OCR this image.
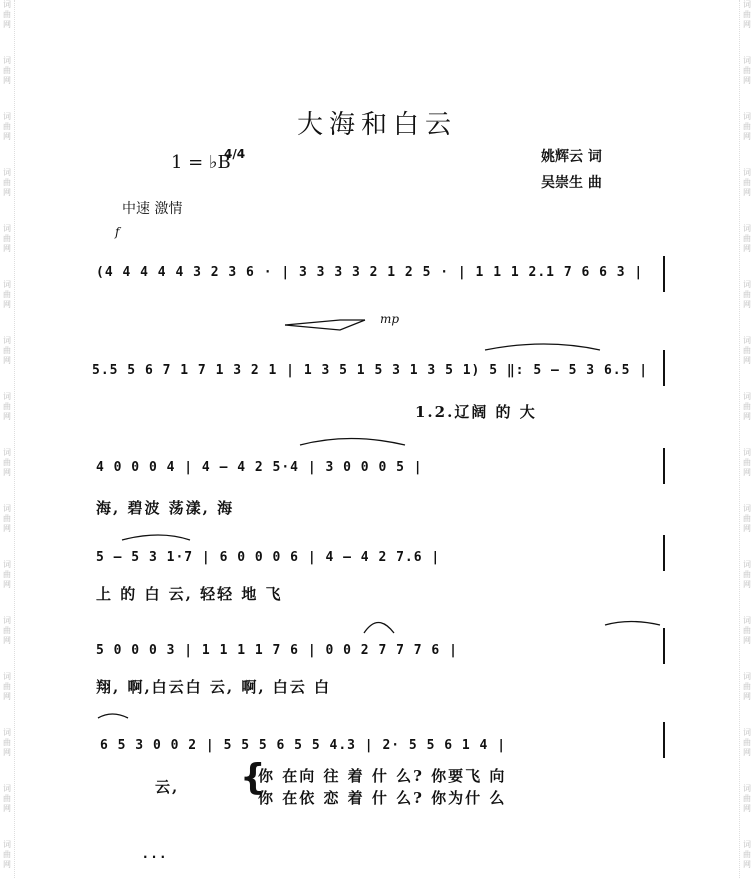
词
曲
网
词
曲
网
词
曲
网
词
曲
网
词
曲
网
词
曲
网
词
曲
网
词
曲
网
词
曲
网
词
曲
网
词
曲
网
词
曲
网
词
曲
网
词
曲
网
词
曲
网
词
曲
网
词
曲
网
词
曲
网
词
曲
网
词
曲
网
词
曲
网
词
曲
网
词
曲
网
词
曲
网
词
曲
网
词
曲
网
词
曲
网
词
曲
网
词
曲
网
词
曲
网
词
曲
网
词
曲
网
大海和白云
姚辉云 词
吴崇生 曲
1 = ♭B
4/4
中速 激情
f
mp
(4 4 4 4 4 3 2 3 6 · | 3 3 3 3 2 1 2 5 · | 1 1 1 2.1 7 6 6 3 |
5.5 5 6 7 1 7 1 3 2 1 | 1 3 5 1 5 3 1 3 5 1) 5 ‖: 5 — 5 3 6.5 |
1.2.辽阔 的 大
4 0 0 0 4 | 4 — 4 2 5·4 | 3 0 0 0 5 |
海, 碧波 荡漾, 海
5 — 5 3 1·7 | 6 0 0 0 6 | 4 — 4 2 7.6 |
上 的 白 云, 轻轻 地 飞
5 0 0 0 3 | 1 1 1 1 7 6 | 0 0 2 7 7 7 6 |
翔, 啊,白云白 云, 啊, 白云 白
6 5 3 0 0 2 | 5 5 5 6 5 5 4.3 | 2· 5 5 6 1 4 |
云, {
你 在向 往 着 什 么? 你要飞 向
你 在依 恋 着 什 么? 你为什 么
· · ·
